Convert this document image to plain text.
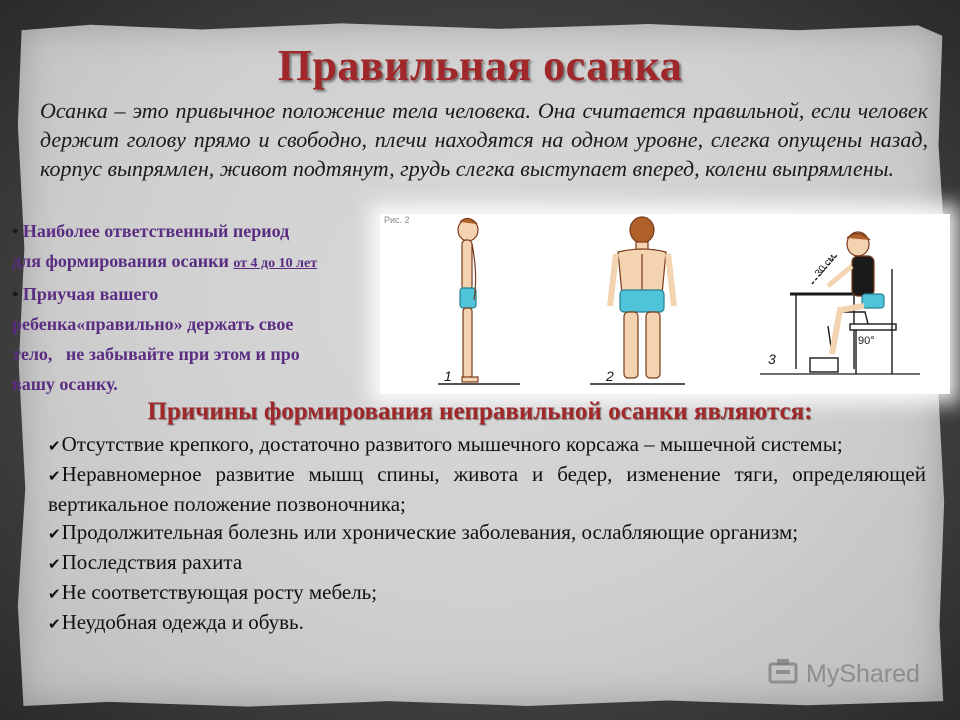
Правильная осанка
Осанка – это привычное положение тела человека. Она считается правильной, если человек держит голову прямо и свободно, плечи находятся на одном уровне, слегка опущены назад, корпус выпрямлен, живот подтянут, грудь слегка выступает вперед, колени выпрямлены.
Рис. 2
1	2
90°
30 см
3
• Наиболее ответственный период
для формирования осанки от 4 до 10 лет
• Приучая вашего
ребенка«правильно» держать свое
тело,   не забывайте при этом и про
вашу осанку.
Причины формирования неправильной осанки являются:

✔Отсутствие крепкого, достаточно развитого мышечного корсажа – мышечной системы;

✔Неравномерное развитие мышц спины, живота и бедер, изменение тяги, определяющей вертикальное положение позвоночника;

✔Продолжительная болезнь или хронические заболевания, ослабляющие организм;

✔Последствия рахита

✔Не соответствующая росту мебель;

✔Неудобная одежда и обувь.

MyShared
